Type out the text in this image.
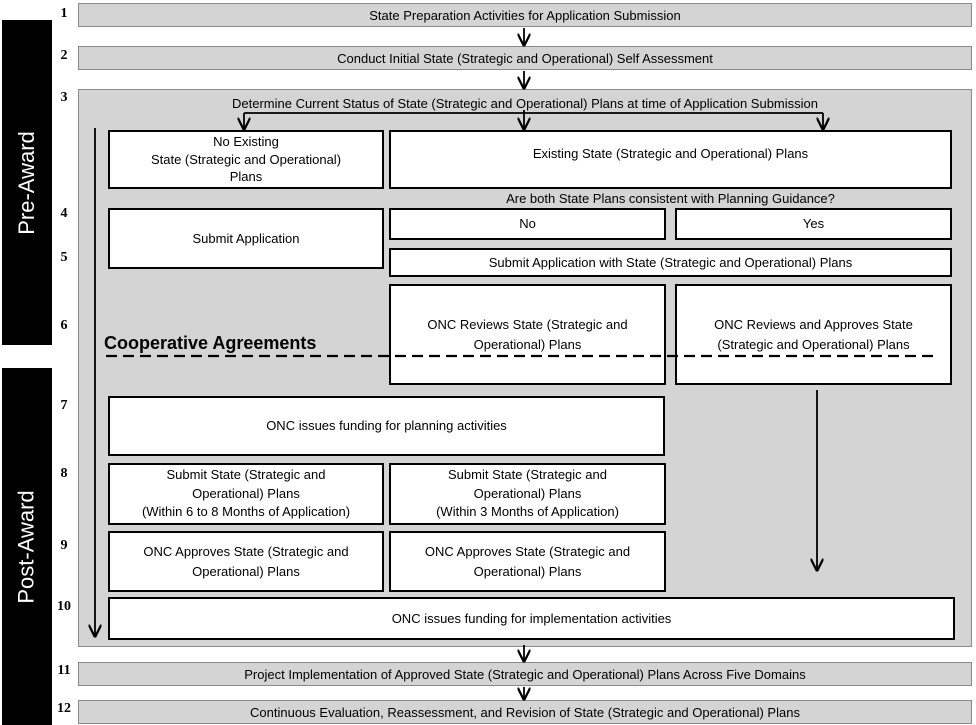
Pre-Award
Post-Award
1
2
3
4
5
6
7
8
9
10
11
12
State Preparation Activities for Application Submission
Conduct Initial State (Strategic and Operational) Self Assessment
Determine Current Status of State (Strategic and Operational) Plans at time of Application Submission
Project Implementation of Approved State (Strategic and Operational) Plans Across Five Domains
Continuous Evaluation, Reassessment, and Revision of State (Strategic and Operational) Plans
No Existing
State (Strategic and Operational)
Plans
Existing State (Strategic and Operational) Plans
Are both State Plans consistent with Planning Guidance?
Submit Application
No	Yes
Submit Application with State (Strategic and Operational) Plans
ONC Reviews State (Strategic and
Operational) Plans
ONC Reviews and Approves State
(Strategic and Operational) Plans
Cooperative Agreements
ONC issues funding for planning activities
Submit State (Strategic and
Operational) Plans
(Within 6 to 8 Months of Application)
Submit State (Strategic and
Operational) Plans
(Within 3 Months of Application)
ONC Approves State (Strategic and
Operational) Plans
ONC Approves State (Strategic and
Operational) Plans
ONC issues funding for implementation activities
